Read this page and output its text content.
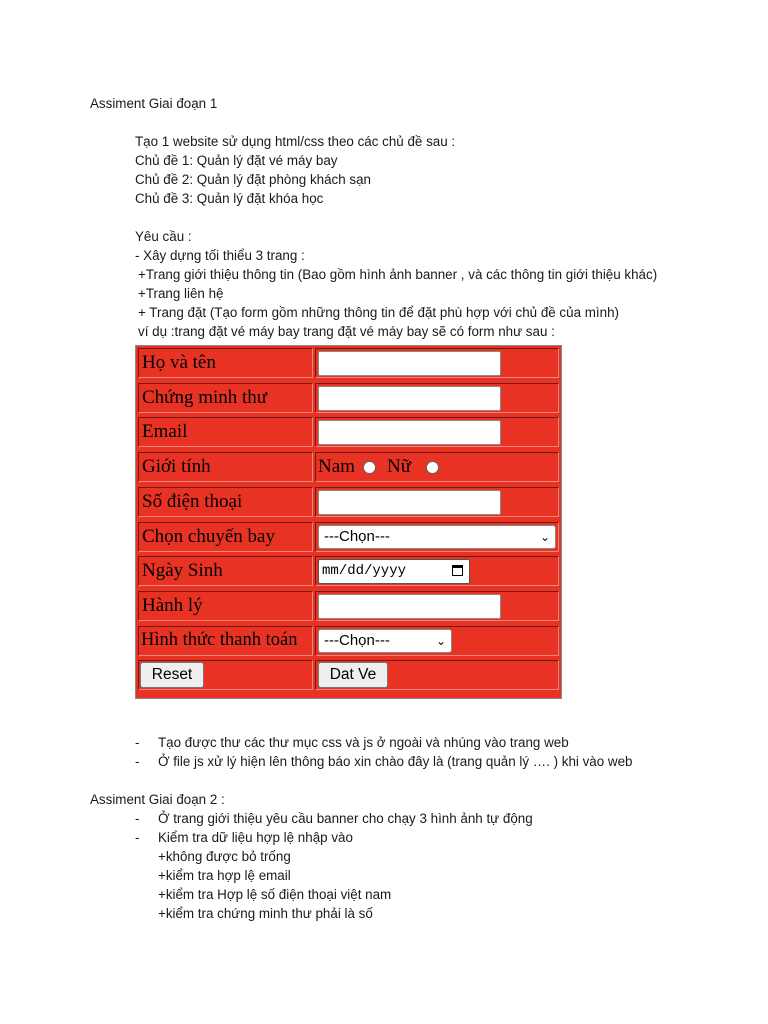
Assiment Giai đoạn 1
Tạo 1 website sử dụng html/css theo các chủ đề sau :
Chủ đề 1: Quản lý đặt vé máy bay
Chủ đề 2: Quản lý đặt phòng khách sạn
Chủ đề 3: Quản lý đặt khóa học
Yêu cầu :
- Xây dựng tối thiểu 3 trang :
+Trang giới thiệu thông tin (Bao gồm hình ảnh banner , và các thông tin giới thiệu khác)
+Trang liên hệ
+ Trang đặt (Tạo form gồm những thông tin để đặt phù hợp với chủ đề của mình)
ví dụ :trang đặt vé máy bay trang đặt vé máy bay sẽ có form như sau :
Họ và tên
Chứng minh thư
Email
Giới tính	Nam Nữ
Số điện thoại
Chọn chuyến bay	---Chọn---	⌄
Ngày Sinh	mm/dd/yyyy
Hành lý
Hình thức thanh toán	---Chọn---	⌄
Reset	Dat Ve
- Tạo được thư các thư mục css và js ở ngoài và nhúng vào trang web
- Ở file js xử lý hiện lên thông báo xin chào đây là (trang quản lý …. ) khi vào web
Assiment Giai đoạn 2 :
- Ở trang giới thiệu yêu cầu banner cho chạy 3 hình ảnh tự động
- Kiểm tra dữ liệu hợp lệ nhập vào
+không được bỏ trống
+kiểm tra hợp lệ email
+kiểm tra Hợp lệ số điện thoại việt nam
+kiểm tra chứng minh thư phải là số
